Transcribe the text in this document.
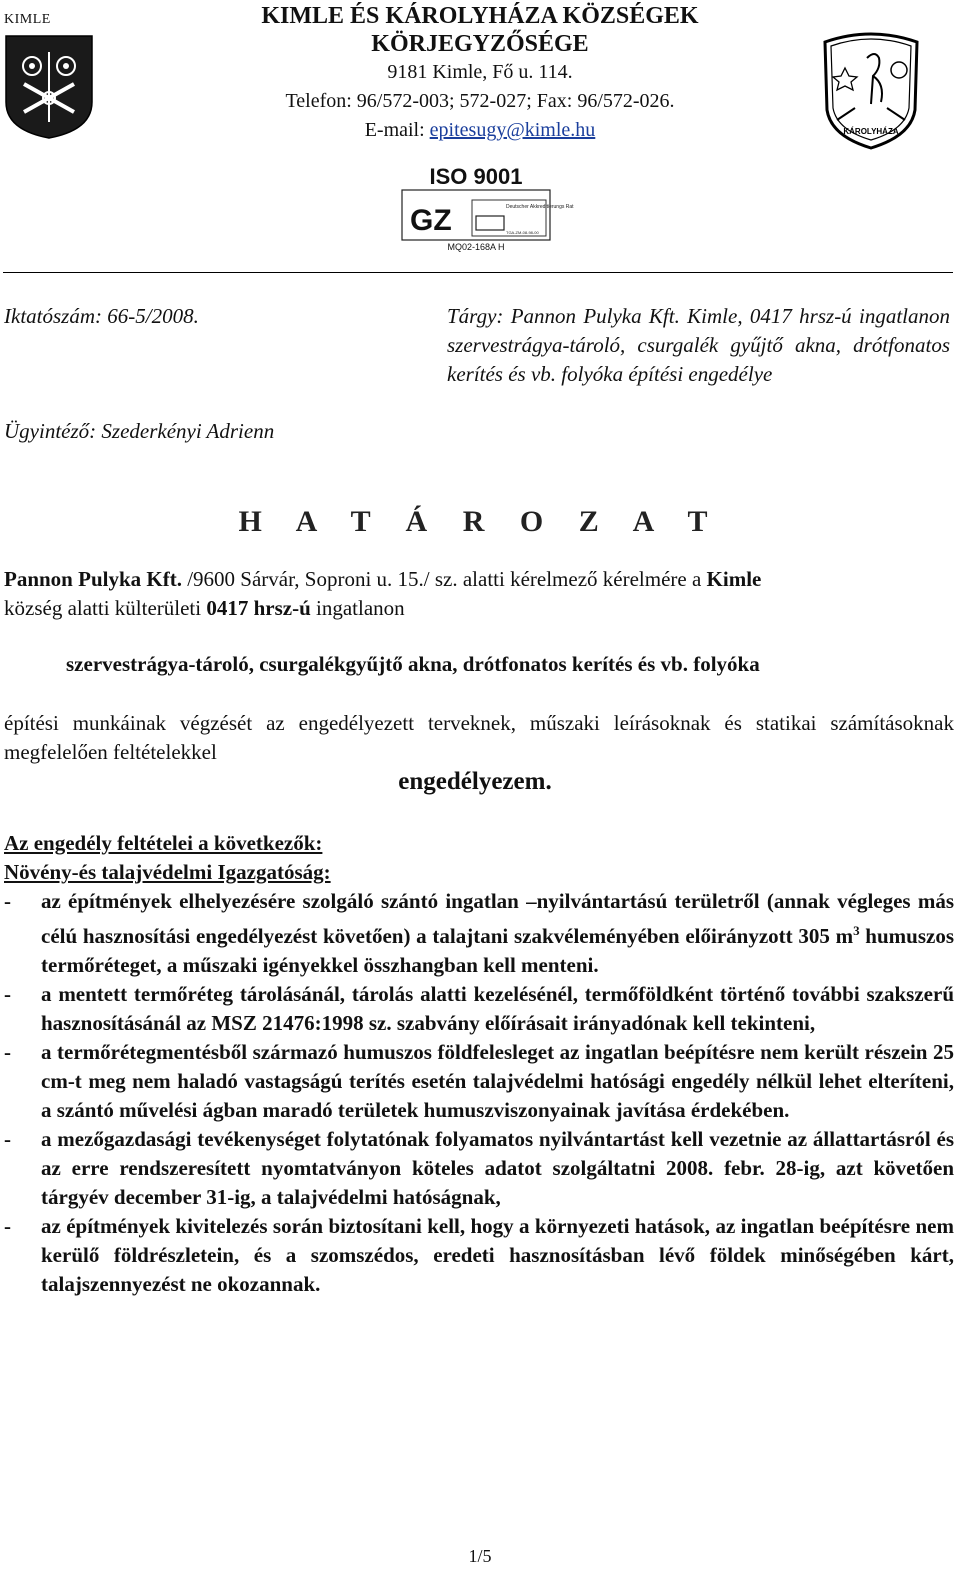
KIMLE	KIMLE ÉS KÁROLYHÁZA KÖZSÉGEK
KÖRJEGYZŐSÉGE
9181 Kimle, Fő u. 114.
Telefon: 96/572-003; 572-027; Fax: 96/572-026.
E-mail: epitesugy@kimle.hu	KÁROLYHÁZA
ISO 9001
GZ	Deutscher Akkreditierungs Rat
TGA-ZM-08-98-00
MQ02-168A H
Iktatószám: 66-5/2008.
Ügyintéző: Szederkényi Adrienn
Tárgy: Pannon Pulyka Kft. Kimle, 0417 hrsz-ú ingatlanon szervestrágya-tároló, csurgalék gyűjtő akna, drótfonatos kerítés és vb. folyóka építési engedélye
H A T Á R O Z A T
Pannon Pulyka Kft. /9600 Sárvár, Soproni u. 15./ sz. alatti kérelmező kérelmére a Kimle
község alatti külterületi 0417 hrsz-ú ingatlanon
szervestrágya-tároló, csurgalékgyűjtő akna, drótfonatos kerítés és vb. folyóka
építési munkáinak végzését az engedélyezett terveknek, műszaki leírásoknak és statikai számításoknak megfelelően feltételekkel
engedélyezem.
Az engedély feltételei a következők:
Növény-és talajvédelmi Igazgatóság:
- az építmények elhelyezésére szolgáló szántó ingatlan –nyilvántartású területről (annak végleges más célú hasznosítási engedélyezést követően) a talajtani szakvéleményében előirányzott 305 $m^3$ humuszos termőréteget, a műszaki igényekkel összhangban kell menteni.
- a mentett termőréteg tárolásánál, tárolás alatti kezelésénél, termőföldként történő további szakszerű hasznosításánál az MSZ 21476:1998 sz. szabvány előírásait irányadónak kell tekinteni,
- a termőrétegmentésből származó humuszos földfelesleget az ingatlan beépítésre nem került részein 25 cm-t meg nem haladó vastagságú terítés esetén talajvédelmi hatósági engedély nélkül lehet elteríteni, a szántó művelési ágban maradó területek humuszviszonyainak javítása érdekében.
- a mezőgazdasági tevékenységet folytatónak folyamatos nyilvántartást kell vezetnie az állattartásról és az erre rendszeresített nyomtatványon köteles adatot szolgáltatni 2008. febr. 28-ig, azt követően tárgyév december 31-ig, a talajvédelmi hatóságnak,
- az építmények kivitelezés során biztosítani kell, hogy a környezeti hatások, az ingatlan beépítésre nem kerülő földrészletein, és a szomszédos, eredeti hasznosításban lévő földek minőségében kárt, talajszennyezést ne okozannak.
1/5
